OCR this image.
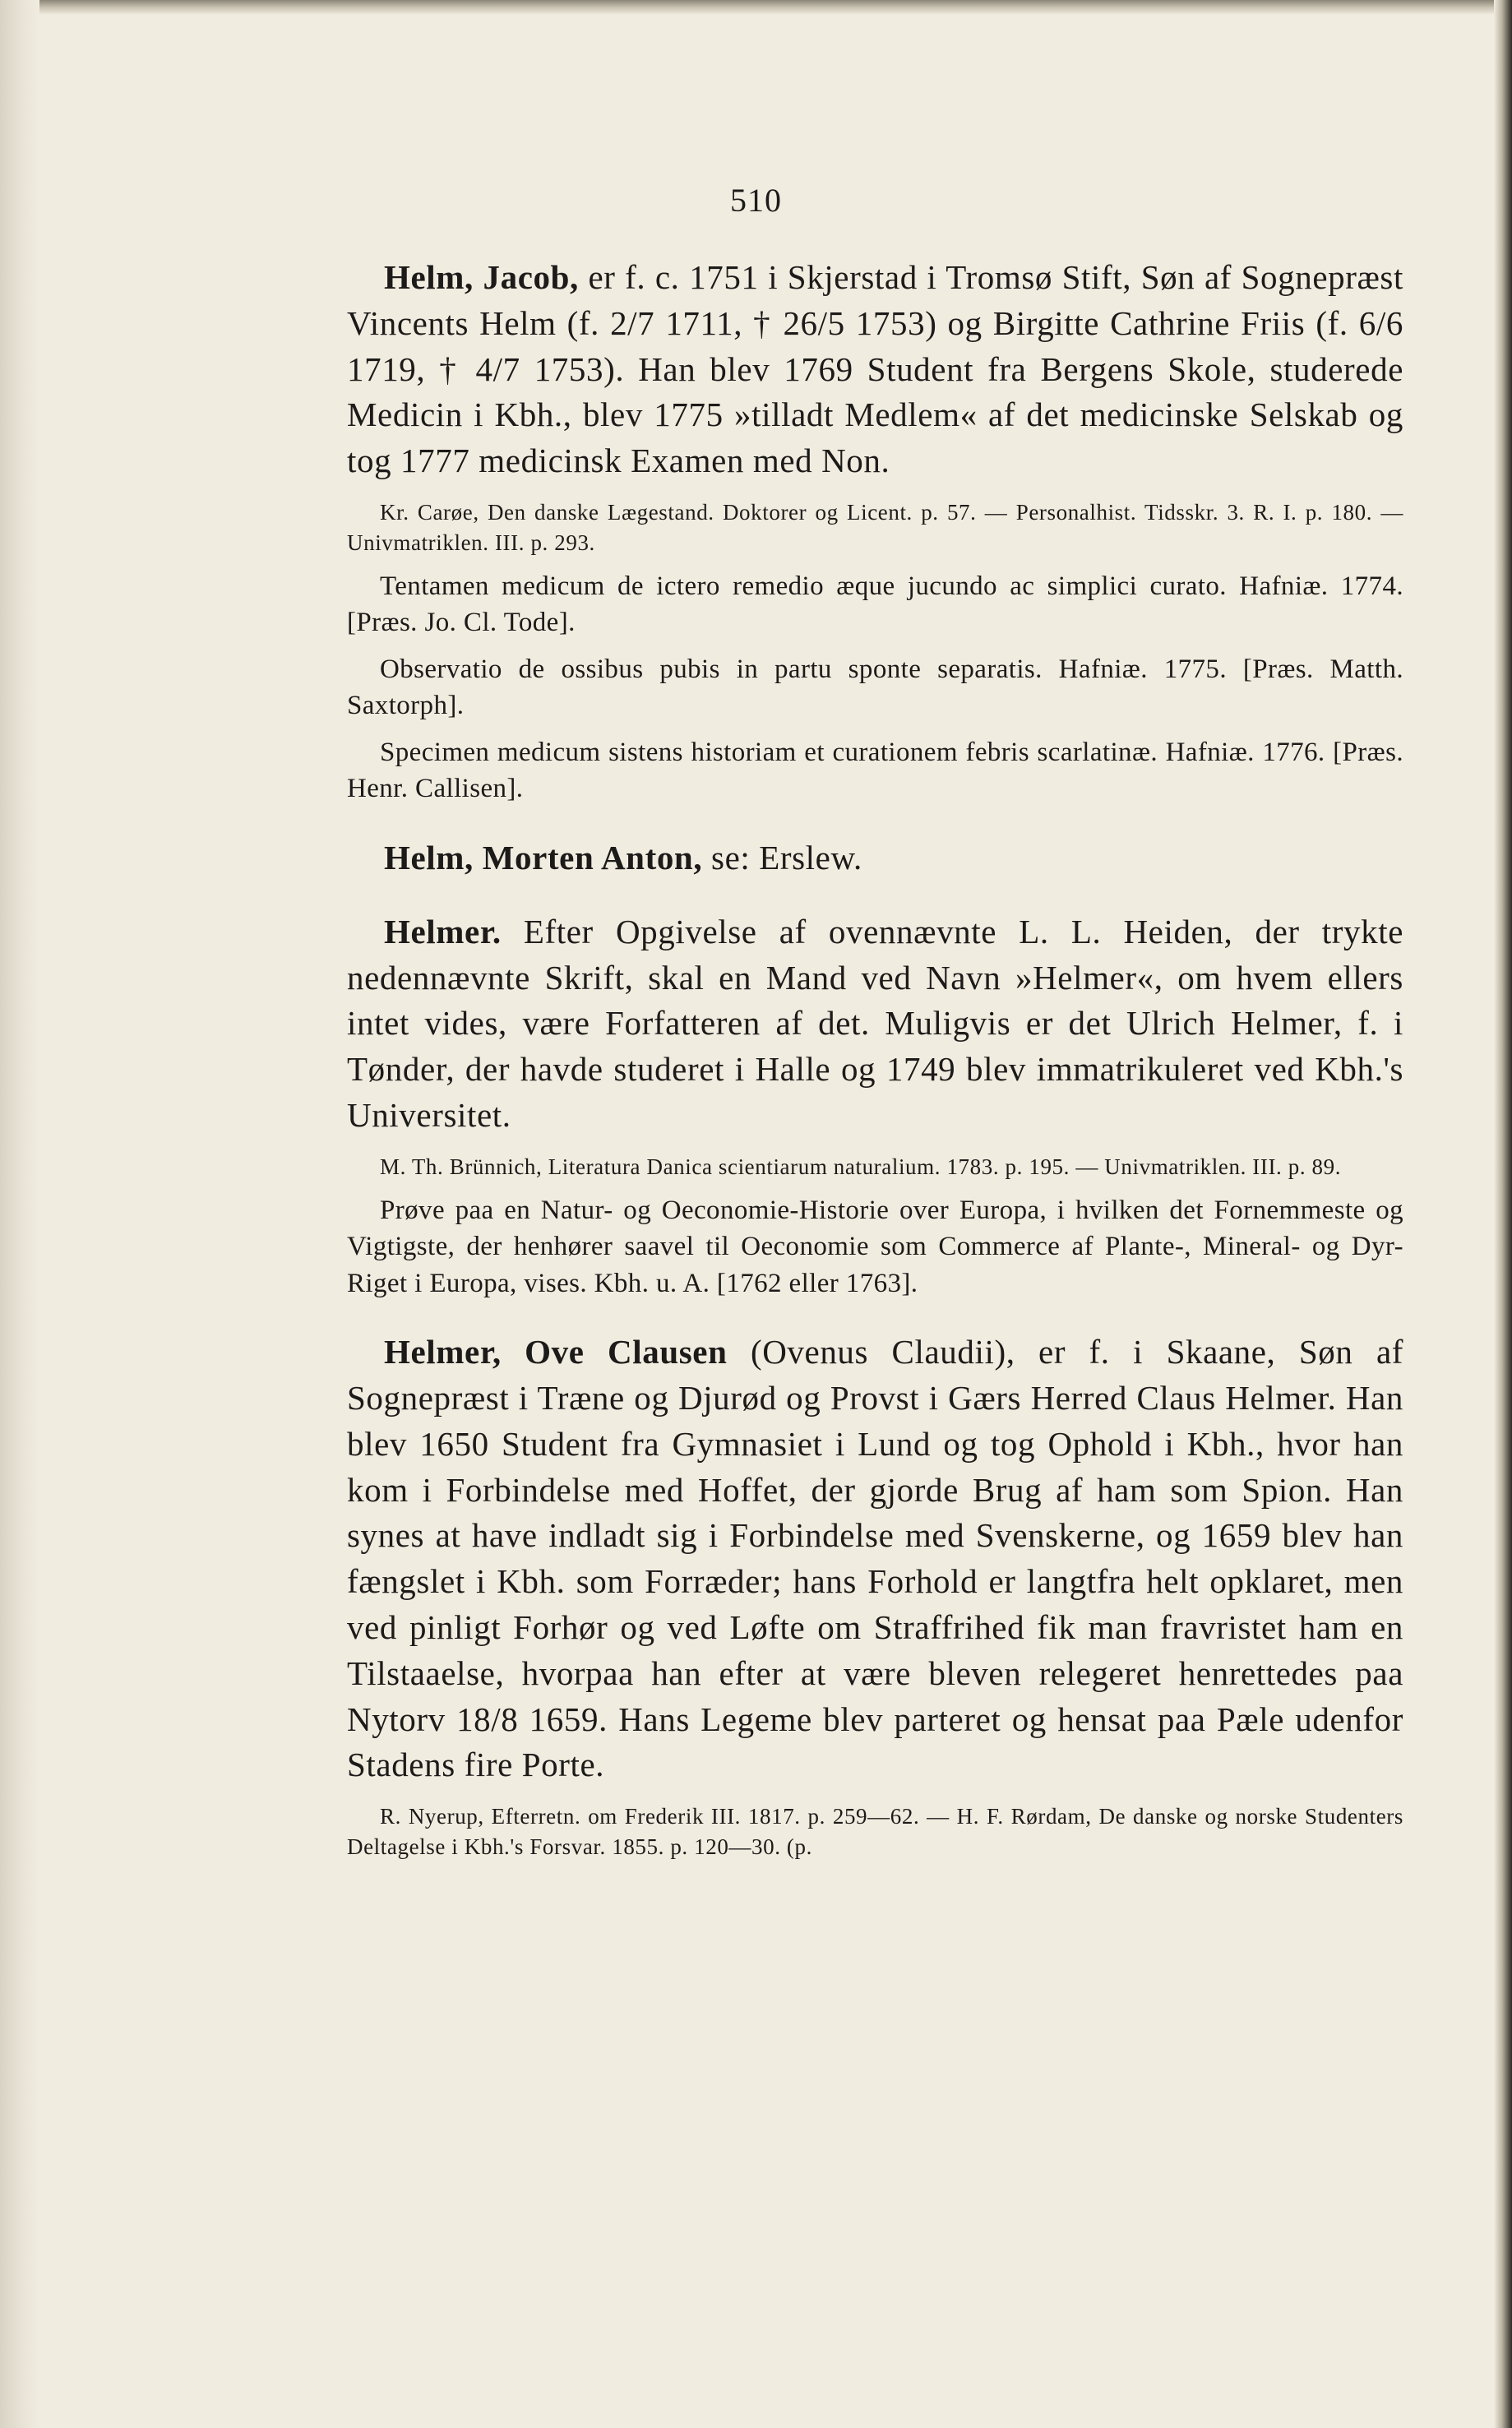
510

Helm, Jacob, er f. c. 1751 i Skjerstad i Tromsø Stift, Søn af Sognepræst Vincents Helm (f. 2/7 1711, † 26/5 1753) og Birgitte Cathrine Friis (f. 6/6 1719, † 4/7 1753). Han blev 1769 Student fra Bergens Skole, studerede Medicin i Kbh., blev 1775 »tilladt Medlem« af det medicinske Selskab og tog 1777 medicinsk Examen med Non.

Kr. Carøe, Den danske Lægestand. Doktorer og Licent. p. 57. — Personalhist. Tidsskr. 3. R. I. p. 180. — Univmatriklen. III. p. 293.

Tentamen medicum de ictero remedio æque jucundo ac simplici curato. Hafniæ. 1774. [Præs. Jo. Cl. Tode].

Observatio de ossibus pubis in partu sponte separatis. Hafniæ. 1775. [Præs. Matth. Saxtorph].

Specimen medicum sistens historiam et curationem febris scarlatinæ. Hafniæ. 1776. [Præs. Henr. Callisen].

Helm, Morten Anton, se: Erslew.

Helmer. Efter Opgivelse af ovennævnte L. L. Heiden, der trykte nedennævnte Skrift, skal en Mand ved Navn »Helmer«, om hvem ellers intet vides, være Forfatteren af det. Muligvis er det Ulrich Helmer, f. i Tønder, der havde studeret i Halle og 1749 blev immatrikuleret ved Kbh.'s Universitet.

M. Th. Brünnich, Literatura Danica scientiarum naturalium. 1783. p. 195. — Univmatriklen. III. p. 89.

Prøve paa en Natur- og Oeconomie-Historie over Europa, i hvilken det Fornemmeste og Vigtigste, der henhører saavel til Oeconomie som Commerce af Plante-, Mineral- og Dyr-Riget i Europa, vises. Kbh. u. A. [1762 eller 1763].

Helmer, Ove Clausen (Ovenus Claudii), er f. i Skaane, Søn af Sognepræst i Træne og Djurød og Provst i Gærs Herred Claus Helmer. Han blev 1650 Student fra Gymnasiet i Lund og tog Ophold i Kbh., hvor han kom i Forbindelse med Hoffet, der gjorde Brug af ham som Spion. Han synes at have indladt sig i Forbindelse med Svenskerne, og 1659 blev han fængslet i Kbh. som Forræder; hans Forhold er langtfra helt opklaret, men ved pinligt Forhør og ved Løfte om Straffrihed fik man fravristet ham en Tilstaaelse, hvorpaa han efter at være bleven relegeret henrettedes paa Nytorv 18/8 1659. Hans Legeme blev parteret og hensat paa Pæle udenfor Stadens fire Porte.

R. Nyerup, Efterretn. om Frederik III. 1817. p. 259—62. — H. F. Rørdam, De danske og norske Studenters Deltagelse i Kbh.'s Forsvar. 1855. p. 120—30. (p.
